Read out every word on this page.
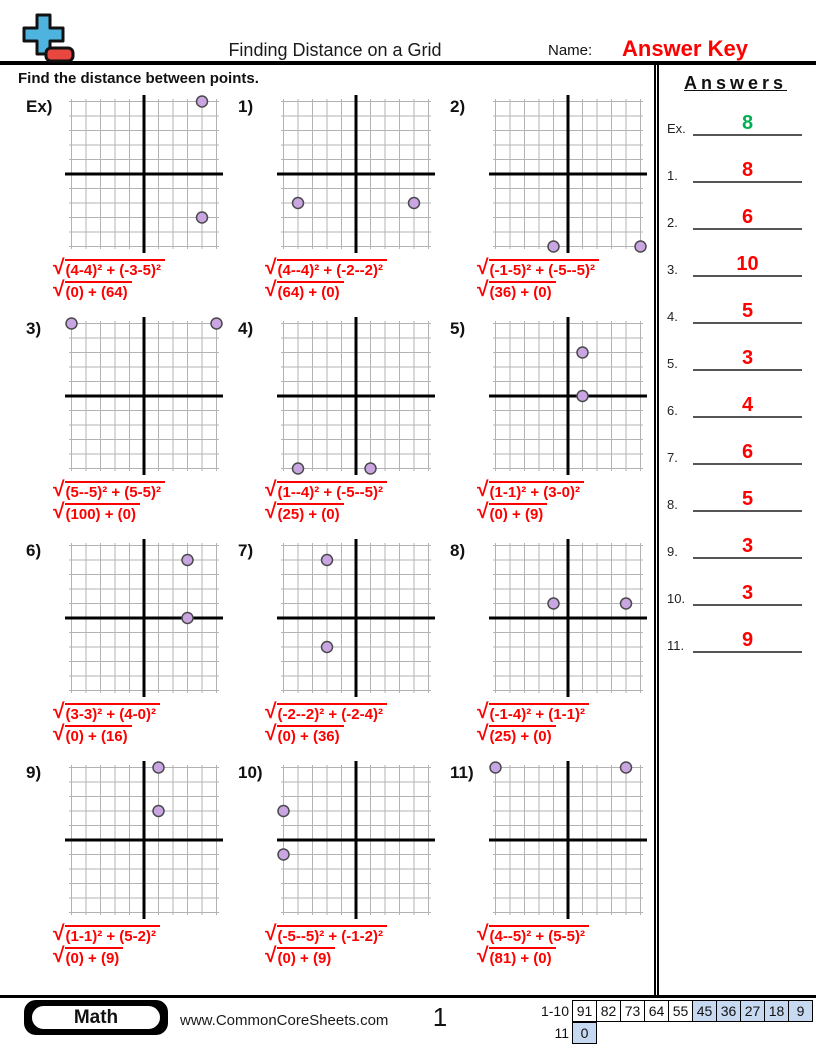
Finding Distance on a Grid	Name: Answer Key
Find the distance between points.
Ex)
√ (4-4)² + (-3-5)²

√ (0) + (64)
1)
√ (4--4)² + (-2--2)²

√ (64) + (0)
2)
√ (-1-5)² + (-5--5)²

√ (36) + (0)
3)
√ (5--5)² + (5-5)²

√ (100) + (0)
4)
√ (1--4)² + (-5--5)²

√ (25) + (0)
5)
√ (1-1)² + (3-0)²

√ (0) + (9)
6)
√ (3-3)² + (4-0)²

√ (0) + (16)
7)
√ (-2--2)² + (-2-4)²

√ (0) + (36)
8)
√ (-1-4)² + (1-1)²

√ (25) + (0)
9)
√ (1-1)² + (5-2)²

√ (0) + (9)
10)
√ (-5--5)² + (-1-2)²

√ (0) + (9)
11)
√ (4--5)² + (5-5)²

√ (81) + (0)
Answers
Ex.	8
1.	8
2.	6
3.	10
4.	5
5.	3
6.	4
7.	6
8.	5
9.	3
10.	3
11.	9
Math	www.CommonCoreSheets.com	1	1-10 91 82 73 64 55 45 36 27 18 9
11 0
